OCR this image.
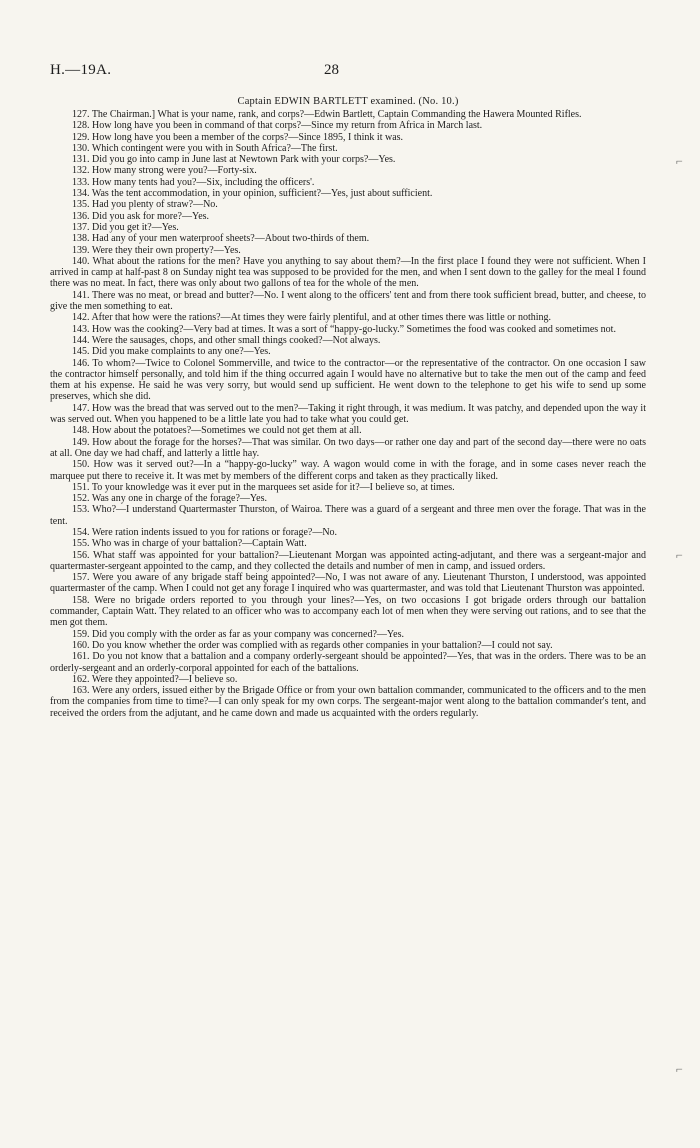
H.—19A.	28
Captain EDWIN BARTLETT examined. (No. 10.)

127. The Chairman.] What is your name, rank, and corps?—Edwin Bartlett, Captain Commanding the Hawera Mounted Rifles.

128. How long have you been in command of that corps?—Since my return from Africa in March last.

129. How long have you been a member of the corps?—Since 1895, I think it was.

130. Which contingent were you with in South Africa?—The first.

131. Did you go into camp in June last at Newtown Park with your corps?—Yes.

132. How many strong were you?—Forty-six.

133. How many tents had you?—Six, including the officers'.

134. Was the tent accommodation, in your opinion, sufficient?—Yes, just about sufficient.

135. Had you plenty of straw?—No.

136. Did you ask for more?—Yes.

137. Did you get it?—Yes.

138. Had any of your men waterproof sheets?—About two-thirds of them.

139. Were they their own property?—Yes.

140. What about the rations for the men? Have you anything to say about them?—In the first place I found they were not sufficient. When I arrived in camp at half-past 8 on Sunday night tea was supposed to be provided for the men, and when I sent down to the galley for the meal I found there was no meat. In fact, there was only about two gallons of tea for the whole of the men.

141. There was no meat, or bread and butter?—No. I went along to the officers' tent and from there took sufficient bread, butter, and cheese, to give the men something to eat.

142. After that how were the rations?—At times they were fairly plentiful, and at other times there was little or nothing.

143. How was the cooking?—Very bad at times. It was a sort of “happy-go-lucky.” Sometimes the food was cooked and sometimes not.

144. Were the sausages, chops, and other small things cooked?—Not always.

145. Did you make complaints to any one?—Yes.

146. To whom?—Twice to Colonel Sommerville, and twice to the contractor—or the representative of the contractor. On one occasion I saw the contractor himself personally, and told him if the thing occurred again I would have no alternative but to take the men out of the camp and feed them at his expense. He said he was very sorry, but would send up sufficient. He went down to the telephone to get his wife to send up some preserves, which she did.

147. How was the bread that was served out to the men?—Taking it right through, it was medium. It was patchy, and depended upon the way it was served out. When you happened to be a little late you had to take what you could get.

148. How about the potatoes?—Sometimes we could not get them at all.

149. How about the forage for the horses?—That was similar. On two days—or rather one day and part of the second day—there were no oats at all. One day we had chaff, and latterly a little hay.

150. How was it served out?—In a “happy-go-lucky” way. A wagon would come in with the forage, and in some cases never reach the marquee put there to receive it. It was met by members of the different corps and taken as they practically liked.

151. To your knowledge was it ever put in the marquees set aside for it?—I believe so, at times.

152. Was any one in charge of the forage?—Yes.

153. Who?—I understand Quartermaster Thurston, of Wairoa. There was a guard of a sergeant and three men over the forage. That was in the tent.

154. Were ration indents issued to you for rations or forage?—No.

155. Who was in charge of your battalion?—Captain Watt.

156. What staff was appointed for your battalion?—Lieutenant Morgan was appointed acting-adjutant, and there was a sergeant-major and quartermaster-sergeant appointed to the camp, and they collected the details and number of men in camp, and issued orders.

157. Were you aware of any brigade staff being appointed?—No, I was not aware of any. Lieutenant Thurston, I understood, was appointed quartermaster of the camp. When I could not get any forage I inquired who was quartermaster, and was told that Lieutenant Thurston was appointed.

158. Were no brigade orders reported to you through your lines?—Yes, on two occasions I got brigade orders through our battalion commander, Captain Watt. They related to an officer who was to accompany each lot of men when they were serving out rations, and to see that the men got them.

159. Did you comply with the order as far as your company was concerned?—Yes.

160. Do you know whether the order was complied with as regards other companies in your battalion?—I could not say.

161. Do you not know that a battalion and a company orderly-sergeant should be appointed?—Yes, that was in the orders. There was to be an orderly-sergeant and an orderly-corporal appointed for each of the battalions.

162. Were they appointed?—I believe so.

163. Were any orders, issued either by the Brigade Office or from your own battalion commander, communicated to the officers and to the men from the companies from time to time?—I can only speak for my own corps. The sergeant-major went along to the battalion commander's tent, and received the orders from the adjutant, and he came down and made us acquainted with the orders regularly.

⌐
⌐
⌐
